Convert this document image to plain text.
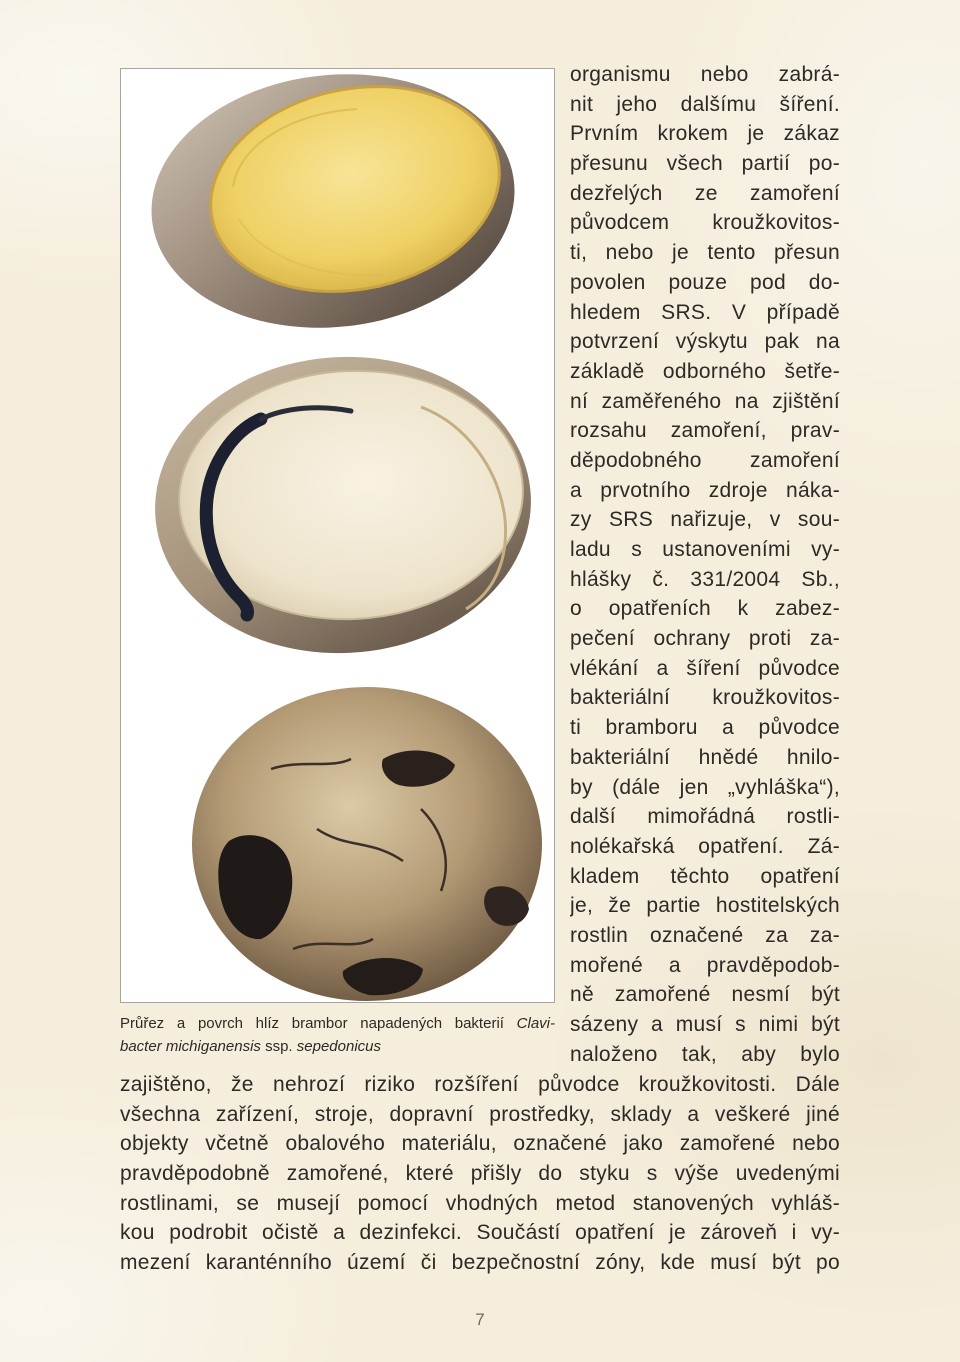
Průřez a povrch hlíz brambor napadených bakterií Clavi-
bacter michiganensis ssp. sepedonicus
organismu nebo zabrá-
nit jeho dalšímu šíření.
Prvním krokem je zákaz
přesunu všech partií po-
dezřelých ze zamoření
původcem kroužkovitos-
ti, nebo je tento přesun
povolen pouze pod do-
hledem SRS. V případě
potvrzení výskytu pak na
základě odborného šetře-
ní zaměřeného na zjištění
rozsahu zamoření, prav-
děpodobného zamoření
a prvotního zdroje náka-
zy SRS nařizuje, v sou-
ladu s ustanoveními vy-
hlášky č. 331/2004 Sb.,
o opatřeních k zabez-
pečení ochrany proti za-
vlékání a šíření původce
bakteriální kroužkovitos-
ti bramboru a původce
bakteriální hnědé hnilo-
by (dále jen „vyhláška“),
další mimořádná rostli-
nolékařská opatření. Zá-
kladem těchto opatření
je, že partie hostitelských
rostlin označené za za-
mořené a pravděpodob-
ně zamořené nesmí být
sázeny a musí s nimi být
naloženo tak, aby bylo
zajištěno, že nehrozí riziko rozšíření původce kroužkovitosti. Dále
všechna zařízení, stroje, dopravní prostředky, sklady a veškeré jiné
objekty včetně obalového materiálu, označené jako zamořené nebo
pravděpodobně zamořené, které přišly do styku s výše uvedenými
rostlinami, se musejí pomocí vhodných metod stanovených vyhláš-
kou podrobit očistě a dezinfekci. Součástí opatření je zároveň i vy-
mezení karanténního území či bezpečnostní zóny, kde musí být po
7
